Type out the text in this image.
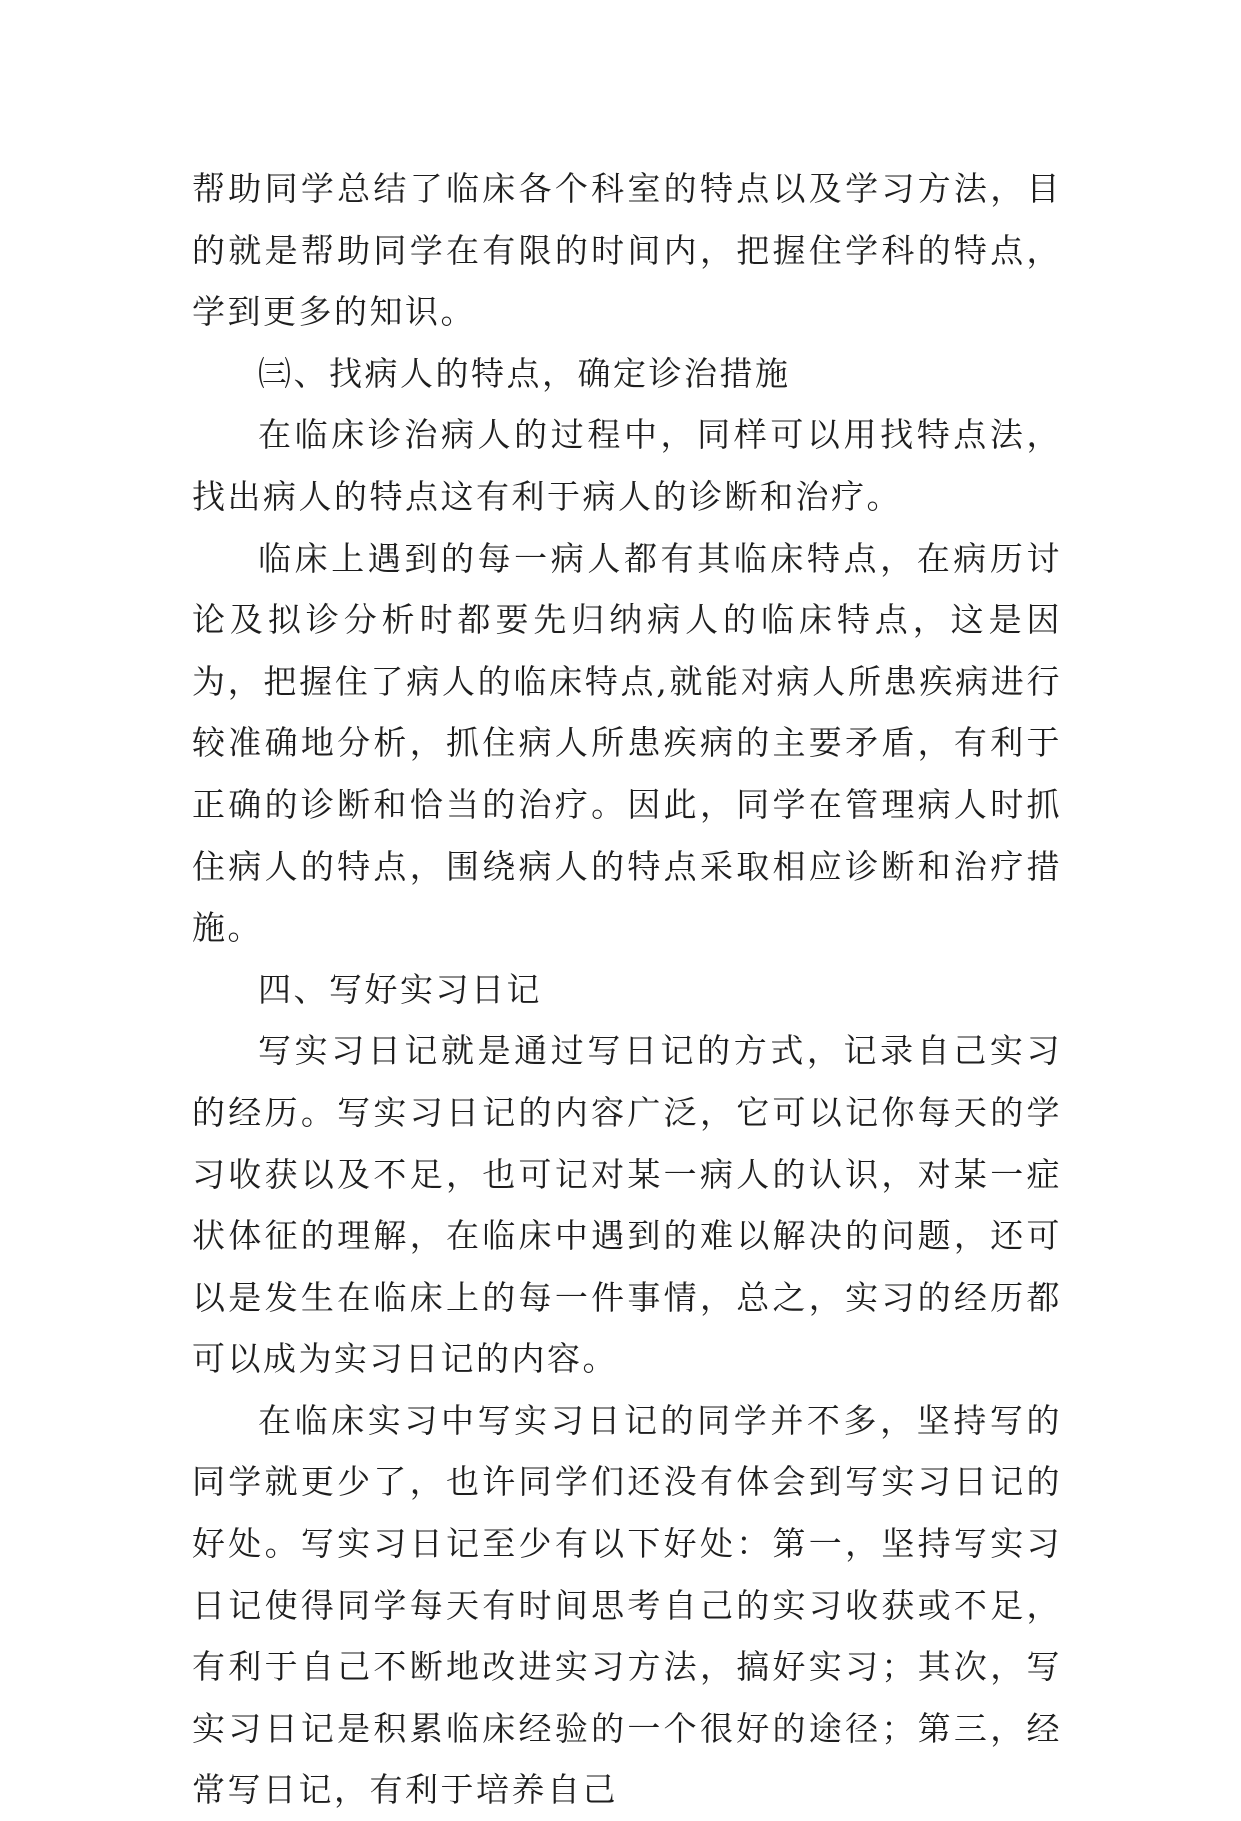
帮助同学总结了临床各个科室的特点以及学习方法，目的就是帮助同学在有限的时间内，把握住学科的特点，学到更多的知识。

㈢、找病人的特点，确定诊治措施

在临床诊治病人的过程中，同样可以用找特点法，找出病人的特点这有利于病人的诊断和治疗。

临床上遇到的每一病人都有其临床特点，在病历讨论及拟诊分析时都要先归纳病人的临床特点，这是因为，把握住了病人的临床特点,就能对病人所患疾病进行较准确地分析，抓住病人所患疾病的主要矛盾，有利于正确的诊断和恰当的治疗。因此，同学在管理病人时抓住病人的特点，围绕病人的特点采取相应诊断和治疗措施。

四、写好实习日记

写实习日记就是通过写日记的方式，记录自己实习的经历。写实习日记的内容广泛，它可以记你每天的学习收获以及不足，也可记对某一病人的认识，对某一症状体征的理解，在临床中遇到的难以解决的问题，还可以是发生在临床上的每一件事情，总之，实习的经历都可以成为实习日记的内容。

在临床实习中写实习日记的同学并不多，坚持写的同学就更少了，也许同学们还没有体会到写实习日记的好处。写实习日记至少有以下好处：第一，坚持写实习日记使得同学每天有时间思考自己的实习收获或不足，有利于自己不断地改进实习方法，搞好实习；其次，写实习日记是积累临床经验的一个很好的途径；第三，经常写日记，有利于培养自己
